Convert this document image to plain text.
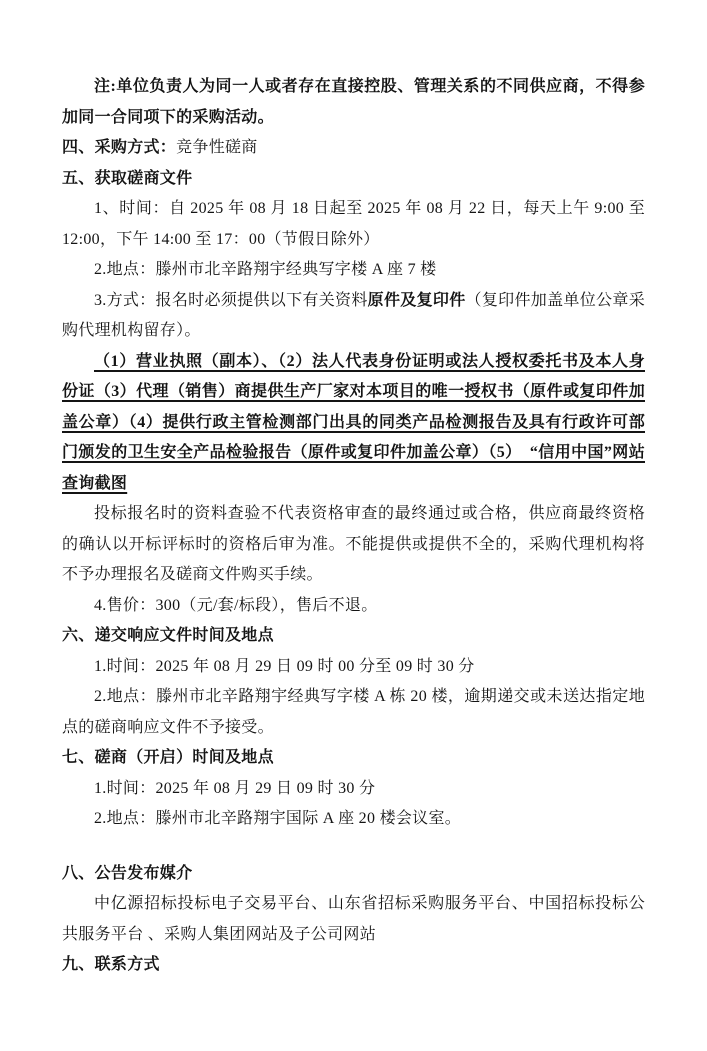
注:单位负责人为同一人或者存在直接控股、管理关系的不同供应商，不得参加同一合同项下的采购活动。

四、采购方式：竞争性磋商

五、获取磋商文件

1、时间：自 2025 年 08 月 18 日起至 2025 年 08 月 22 日，每天上午 9:00 至 12:00，下午 14:00 至 17：00（节假日除外）

2.地点：滕州市北辛路翔宇经典写字楼 A 座 7 楼

3.方式：报名时必须提供以下有关资料原件及复印件（复印件加盖单位公章采购代理机构留存）。

（1）营业执照（副本）、（2）法人代表身份证明或法人授权委托书及本人身份证（3）代理（销售）商提供生产厂家对本项目的唯一授权书（原件或复印件加盖公章）（4）提供行政主管检测部门出具的同类产品检测报告及具有行政许可部门颁发的卫生安全产品检验报告（原件或复印件加盖公章）（5）　“信用中国”网站查询截图

投标报名时的资料查验不代表资格审查的最终通过或合格，供应商最终资格的确认以开标评标时的资格后审为准。不能提供或提供不全的，采购代理机构将不予办理报名及磋商文件购买手续。

4.售价：300（元/套/标段），售后不退。

六、递交响应文件时间及地点

1.时间：2025 年 08 月 29 日 09 时 00 分至 09 时 30 分

2.地点：滕州市北辛路翔宇经典写字楼 A 栋 20 楼，逾期递交或未送达指定地点的磋商响应文件不予接受。

七、磋商（开启）时间及地点

1.时间：2025 年 08 月 29 日 09 时 30 分

2.地点：滕州市北辛路翔宇国际 A 座 20 楼会议室。

八、公告发布媒介

中亿源招标投标电子交易平台、山东省招标采购服务平台、中国招标投标公共服务平台 、采购人集团网站及子公司网站

九、联系方式
